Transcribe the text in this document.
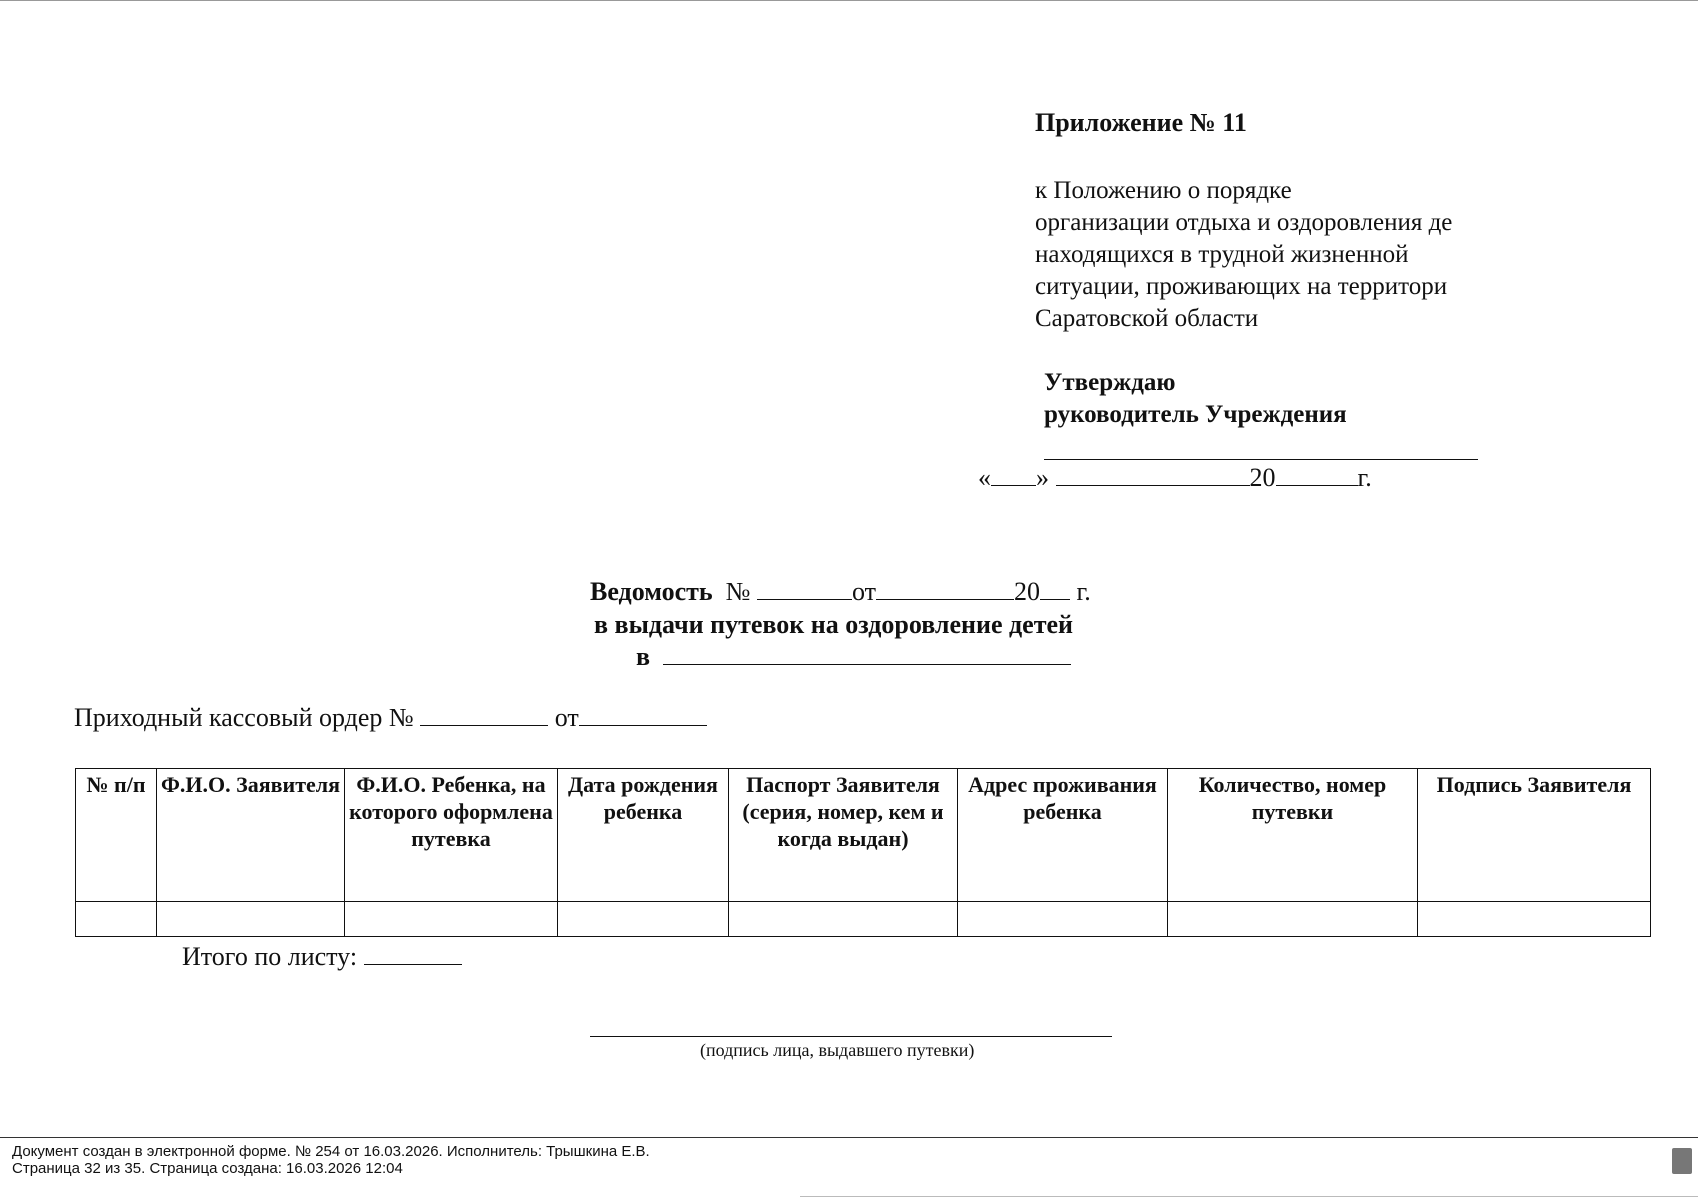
Приложение № 11
к Положению о порядке
организации отдыха и оздоровления де
находящихся в трудной жизненной
ситуации, проживающих на территори
Саратовской области
Утверждаю
руководитель Учреждения
« »	20	г.
Ведомость №	от	20 г.
в выдачи путевок на оздоровление детей
в
Приходный кассовый ордер №	от
№ п/п	Ф.И.О. Заявителя	Ф.И.О. Ребенка, на которого оформлена путевка	Дата рождения ребенка	Паспорт Заявителя (серия, номер, кем и когда выдан)	Адрес проживания ребенка	Количество, номер путевки	Подпись Заявителя

Итого по листу:
(подпись лица, выдавшего путевки)
Документ создан в электронной форме. № 254 от 16.03.2026. Исполнитель: Трышкина Е.В.
Страница 32 из 35. Страница создана: 16.03.2026 12:04
